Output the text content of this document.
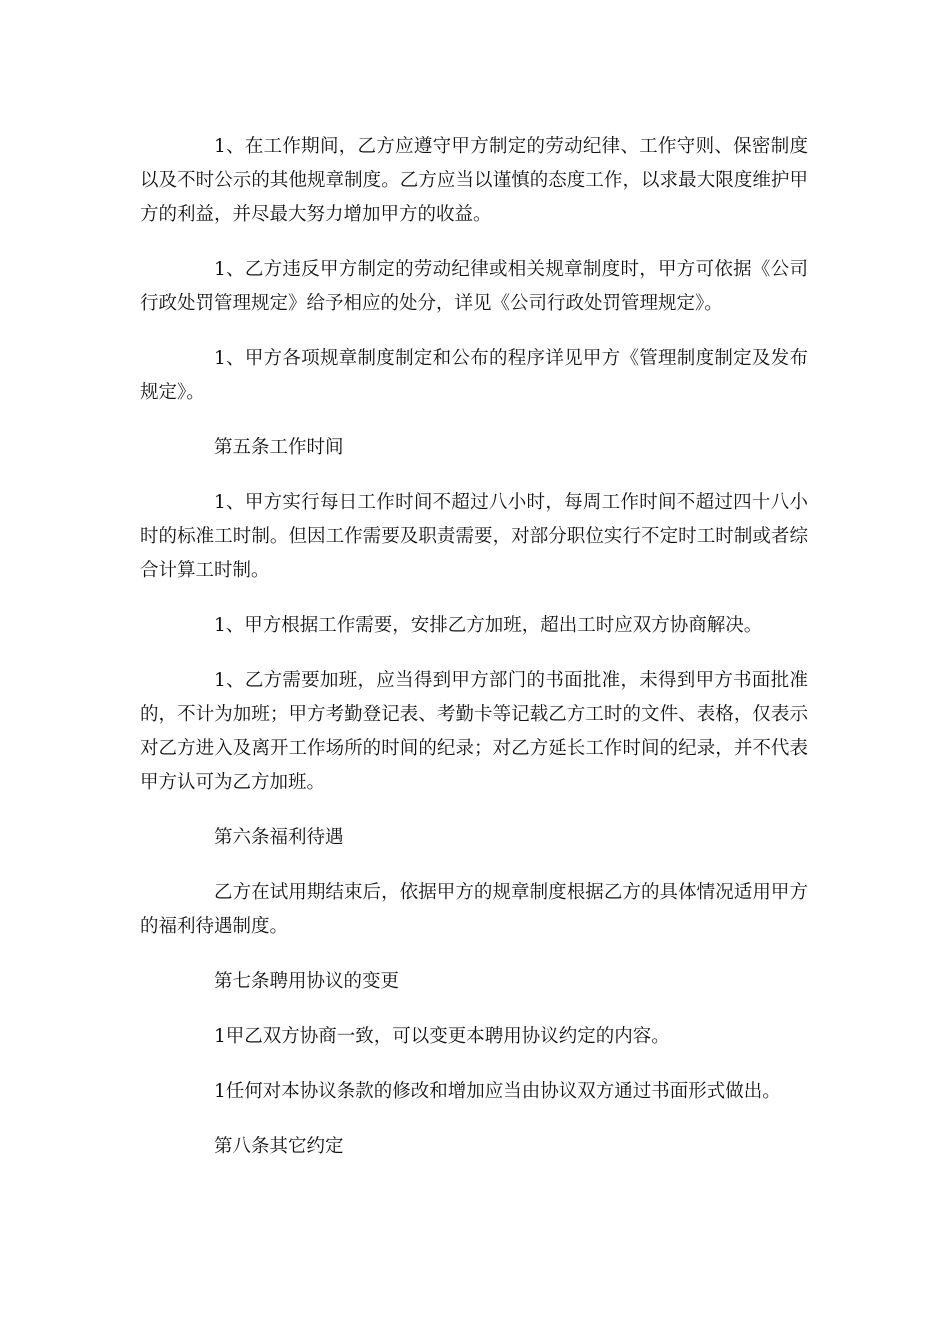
1、在工作期间，乙方应遵守甲方制定的劳动纪律、工作守则、保密制度以及不时公示的其他规章制度。乙方应当以谨慎的态度工作，以求最大限度维护甲方的利益，并尽最大努力增加甲方的收益。

1、乙方违反甲方制定的劳动纪律或相关规章制度时，甲方可依据《公司行政处罚管理规定》给予相应的处分，详见《公司行政处罚管理规定》。

1、甲方各项规章制度制定和公布的程序详见甲方《管理制度制定及发布规定》。

第五条工作时间

1、甲方实行每日工作时间不超过八小时，每周工作时间不超过四十八小时的标准工时制。但因工作需要及职责需要，对部分职位实行不定时工时制或者综合计算工时制。

1、甲方根据工作需要，安排乙方加班，超出工时应双方协商解决。

1、乙方需要加班，应当得到甲方部门的书面批准，未得到甲方书面批准的，不计为加班；甲方考勤登记表、考勤卡等记载乙方工时的文件、表格，仅表示对乙方进入及离开工作场所的时间的纪录；对乙方延长工作时间的纪录，并不代表甲方认可为乙方加班。

第六条福利待遇

乙方在试用期结束后，依据甲方的规章制度根据乙方的具体情况适用甲方的福利待遇制度。

第七条聘用协议的变更

1甲乙双方协商一致，可以变更本聘用协议约定的内容。

1任何对本协议条款的修改和增加应当由协议双方通过书面形式做出。

第八条其它约定
